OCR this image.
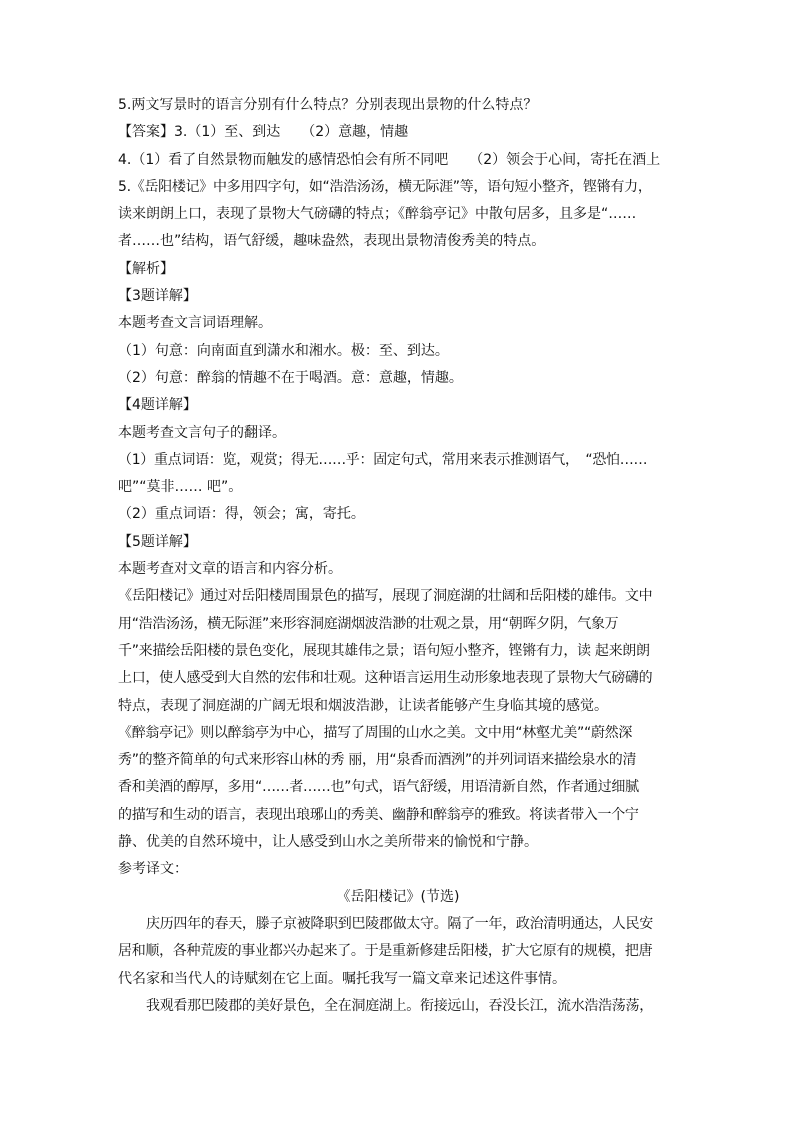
5.两文写景时的语言分别有什么特点？分别表现出景物的什么特点？
【答案】3.（1）至、到达　　（2）意趣，情趣
4.（1）看了自然景物而触发的感情恐怕会有所不同吧　　（2）领会于心间，寄托在酒上
5.《岳阳楼记》中多用四字句，如“浩浩汤汤，横无际涯”等，语句短小整齐，铿锵有力，
读来朗朗上口，表现了景物大气磅礴的特点；《醉翁亭记》中散句居多，且多是“……
者……也”结构，语气舒缓，趣味盎然，表现出景物清俊秀美的特点。
【解析】
【3题详解】
本题考查文言词语理解。
（1）句意：向南面直到潇水和湘水。极：至、到达。
（2）句意：醉翁的情趣不在于喝酒。意：意趣，情趣。
【4题详解】
本题考查文言句子的翻译。
（1）重点词语：览，观赏；得无……乎：固定句式，常用来表示推测语气，　“恐怕……
吧”“莫非…… 吧”。
（2）重点词语：得，领会；寓，寄托。
【5题详解】
本题考查对文章的语言和内容分析。
《岳阳楼记》通过对岳阳楼周围景色的描写，展现了洞庭湖的壮阔和岳阳楼的雄伟。文中
用“浩浩汤汤，横无际涯”来形容洞庭湖烟波浩渺的壮观之景，用“朝晖夕阴，气象万
千”来描绘岳阳楼的景色变化，展现其雄伟之景；语句短小整齐，铿锵有力，读 起来朗朗
上口，使人感受到大自然的宏伟和壮观。这种语言运用生动形象地表现了景物大气磅礴的
特点，表现了洞庭湖的广阔无垠和烟波浩渺，让读者能够产生身临其境的感觉。
《醉翁亭记》则以醉翁亭为中心，描写了周围的山水之美。文中用“林壑尤美”“蔚然深
秀”的整齐简单的句式来形容山林的秀 丽，用“泉香而酒洌”的并列词语来描绘泉水的清
香和美酒的醇厚，多用“……者……也”句式，语气舒缓，用语清新自然，作者通过细腻
的描写和生动的语言，表现出琅琊山的秀美、幽静和醉翁亭的雅致。将读者带入一个宁
静、优美的自然环境中，让人感受到山水之美所带来的愉悦和宁静。
参考译文：
《岳阳楼记》(节选)
庆历四年的春天，滕子京被降职到巴陵郡做太守。隔了一年，政治清明通达，人民安
居和顺，各种荒废的事业都兴办起来了。于是重新修建岳阳楼，扩大它原有的规模，把唐
代名家和当代人的诗赋刻在它上面。嘱托我写一篇文章来记述这件事情。
我观看那巴陵郡的美好景色，全在洞庭湖上。衔接远山，吞没长江，流水浩浩荡荡，
